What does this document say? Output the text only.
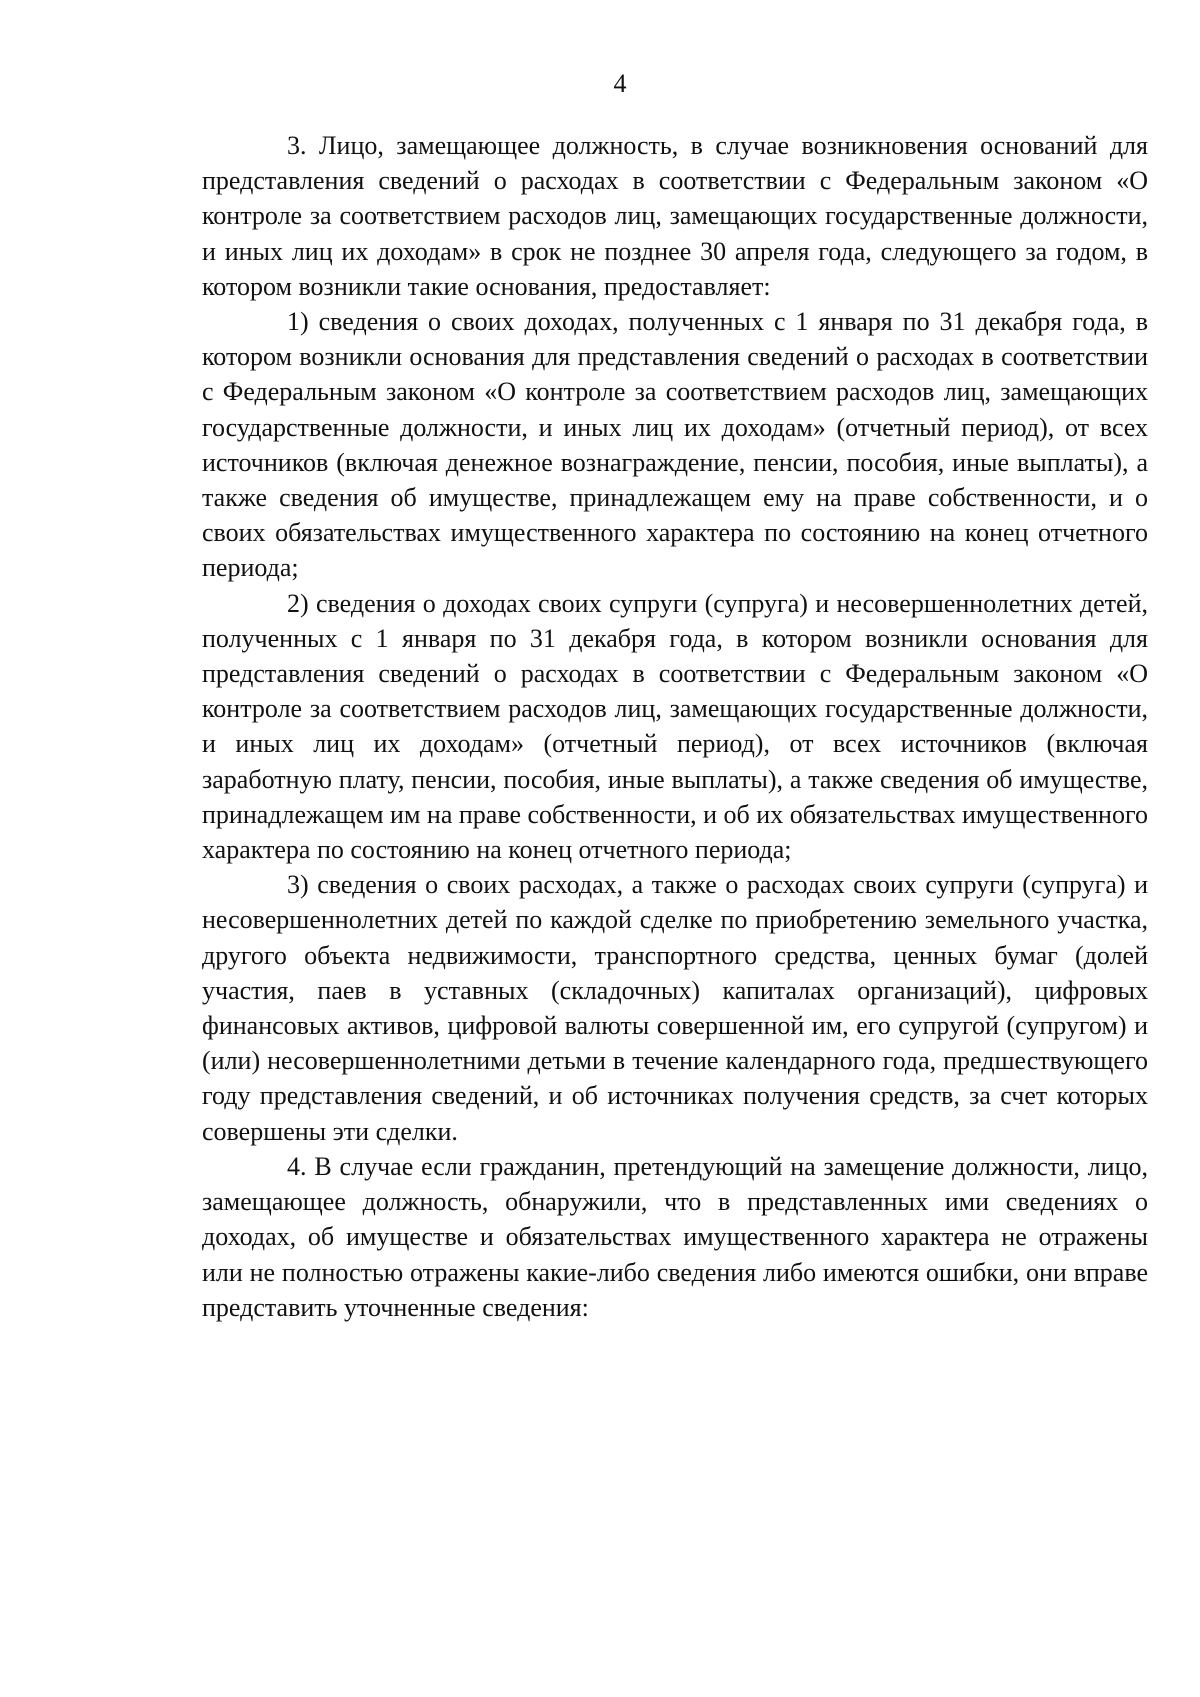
4

3. Лицо, замещающее должность, в случае возникновения оснований для представления сведений о расходах в соответствии с Федеральным законом «О контроле за соответствием расходов лиц, замещающих государственные должности, и иных лиц их доходам» в срок не позднее 30 апреля года, следующего за годом, в котором возникли такие основания, предоставляет:

1) сведения о своих доходах, полученных с 1 января по 31 декабря года, в котором возникли основания для представления сведений о расходах в соответствии с Федеральным законом «О контроле за соответствием расходов лиц, замещающих государственные должности, и иных лиц их доходам» (отчетный период), от всех источников (включая денежное вознаграждение, пенсии, пособия, иные выплаты), а также сведения об имуществе, принадлежащем ему на праве собственности, и о своих обязательствах имущественного характера по состоянию на конец отчетного периода;

2) сведения о доходах своих супруги (супруга) и несовершеннолетних детей, полученных с 1 января по 31 декабря года, в котором возникли основания для представления сведений о расходах в соответствии с Федеральным законом «О контроле за соответствием расходов лиц, замещающих государственные должности, и иных лиц их доходам» (отчетный период), от всех источников (включая заработную плату, пенсии, пособия, иные выплаты), а также сведения об имуществе, принадлежащем им на праве собственности, и об их обязательствах имущественного характера по состоянию на конец отчетного периода;

3) сведения о своих расходах, а также о расходах своих супруги (супруга) и несовершеннолетних детей по каждой сделке по приобретению земельного участка, другого объекта недвижимости, транспортного средства, ценных бумаг (долей участия, паев в уставных (складочных) капиталах организаций), цифровых финансовых активов, цифровой валюты совершенной им, его супругой (супругом) и (или) несовершеннолетними детьми в течение календарного года, предшествующего году представления сведений, и об источниках получения средств, за счет которых совершены эти сделки.

4. В случае если гражданин, претендующий на замещение должности, лицо, замещающее должность, обнаружили, что в представленных ими сведениях о доходах, об имуществе и обязательствах имущественного характера не отражены или не полностью отражены какие-либо сведения либо имеются ошибки, они вправе представить уточненные сведения:
